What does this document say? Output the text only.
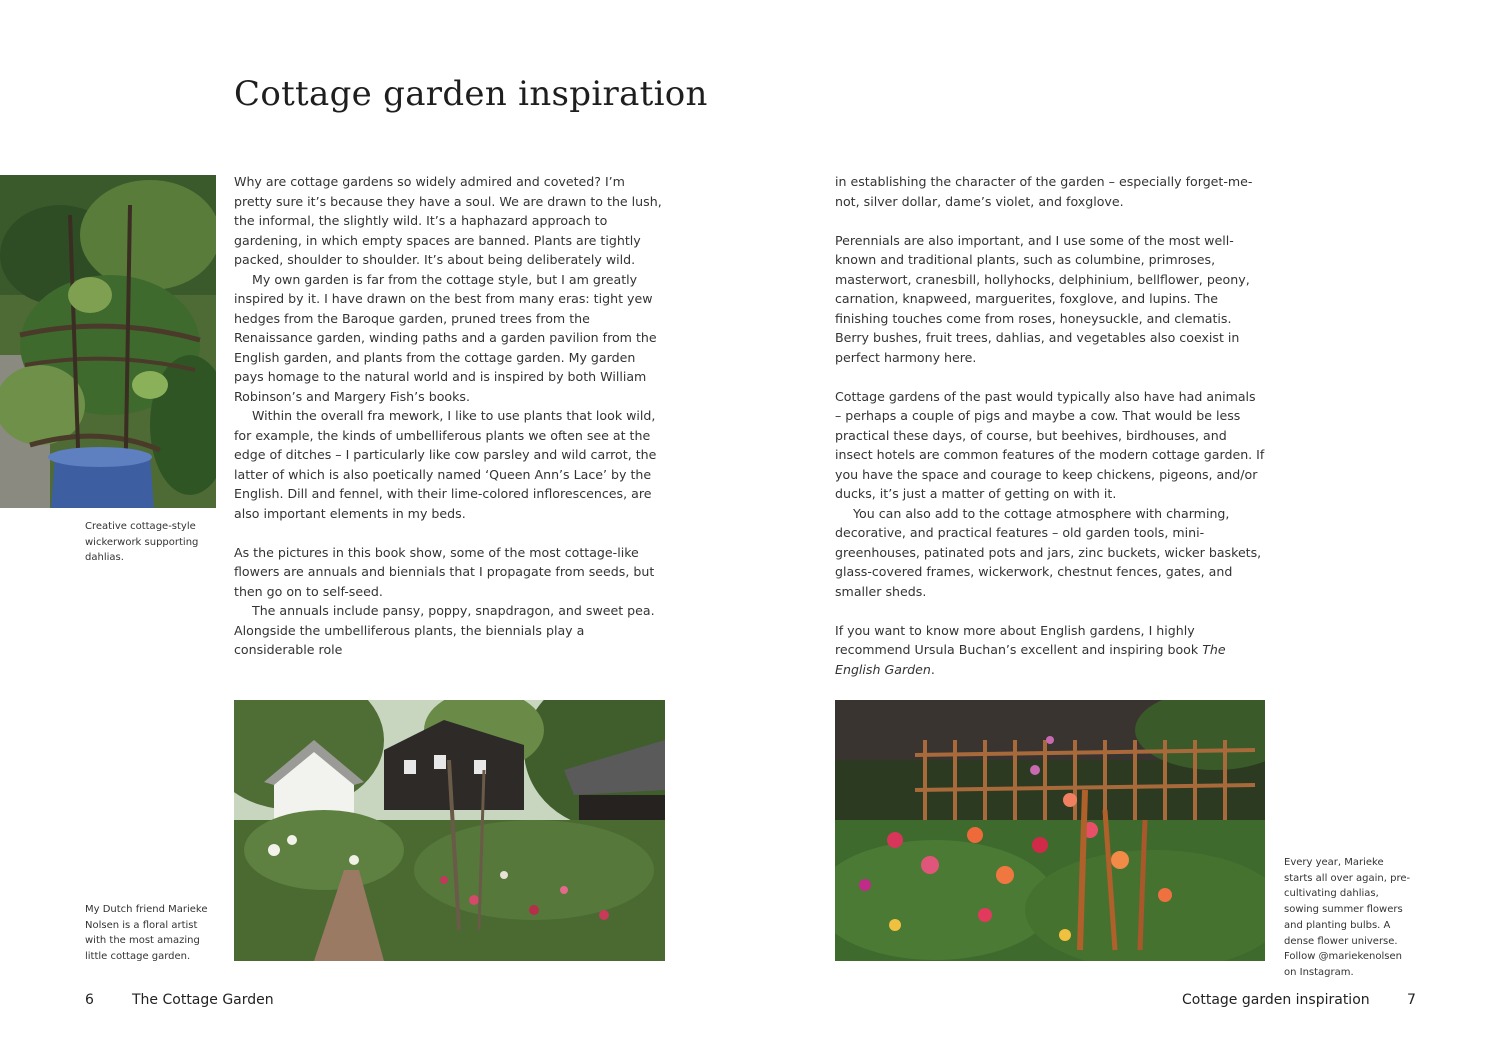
Cottage garden inspiration
Creative cottage-style wickerwork supporting dahlias.

Why are cottage gardens so widely admired and coveted? I’m pretty sure it’s because they have a soul. We are drawn to the lush, the informal, the slightly wild. It’s a haphazard approach to gardening, in which empty spaces are banned. Plants are tightly packed, shoulder to shoulder. It’s about being deliberately wild.

My own garden is far from the cottage style, but I am greatly inspired by it. I have drawn on the best from many eras: tight yew hedges from the Baroque garden, pruned trees from the Renaissance garden, winding paths and a garden pavilion from the English garden, and plants from the cottage garden. My garden pays homage to the natural world and is inspired by both William Robinson’s and Margery Fish’s books.

Within the overall fra mework, I like to use plants that look wild, for example, the kinds of umbelliferous plants we often see at the edge of ditches – I particularly like cow parsley and wild carrot, the latter of which is also poetically named ‘Queen Ann’s Lace’ by the English. Dill and fennel, with their lime-colored inflorescences, are also important elements in my beds.

As the pictures in this book show, some of the most cottage-like flowers are annuals and biennials that I propagate from seeds, but then go on to self-seed.

The annuals include pansy, poppy, snapdragon, and sweet pea. Alongside the umbelliferous plants, the biennials play a considerable role

in establishing the character of the garden – especially forget-me-not, silver dollar, dame’s violet, and foxglove.

Perennials are also important, and I use some of the most well-known and traditional plants, such as columbine, primroses, masterwort, cranesbill, hollyhocks, delphinium, bellflower, peony, carnation, knapweed, marguerites, foxglove, and lupins. The finishing touches come from roses, honeysuckle, and clematis. Berry bushes, fruit trees, dahlias, and vegetables also coexist in perfect harmony here.

Cottage gardens of the past would typically also have had animals – perhaps a couple of pigs and maybe a cow. That would be less practical these days, of course, but beehives, birdhouses, and insect hotels are common features of the modern cottage garden. If you have the space and courage to keep chickens, pigeons, and/or ducks, it’s just a matter of getting on with it.

You can also add to the cottage atmosphere with charming, decorative, and practical features – old garden tools, mini-greenhouses, patinated pots and jars, zinc buckets, wicker baskets, glass-covered frames, wickerwork, chestnut fences, gates, and smaller sheds.

If you want to know more about English gardens, I highly recommend Ursula Buchan’s excellent and inspiring book The English Garden.

My Dutch friend Marieke Nolsen is a floral artist with the most amazing little cottage garden.
Every year, Marieke starts all over again, pre-cultivating dahlias, sowing summer flowers and planting bulbs. A dense flower universe. Follow @mariekenolsen on Instagram.
6	The Cottage Garden	Cottage garden inspiration	7
